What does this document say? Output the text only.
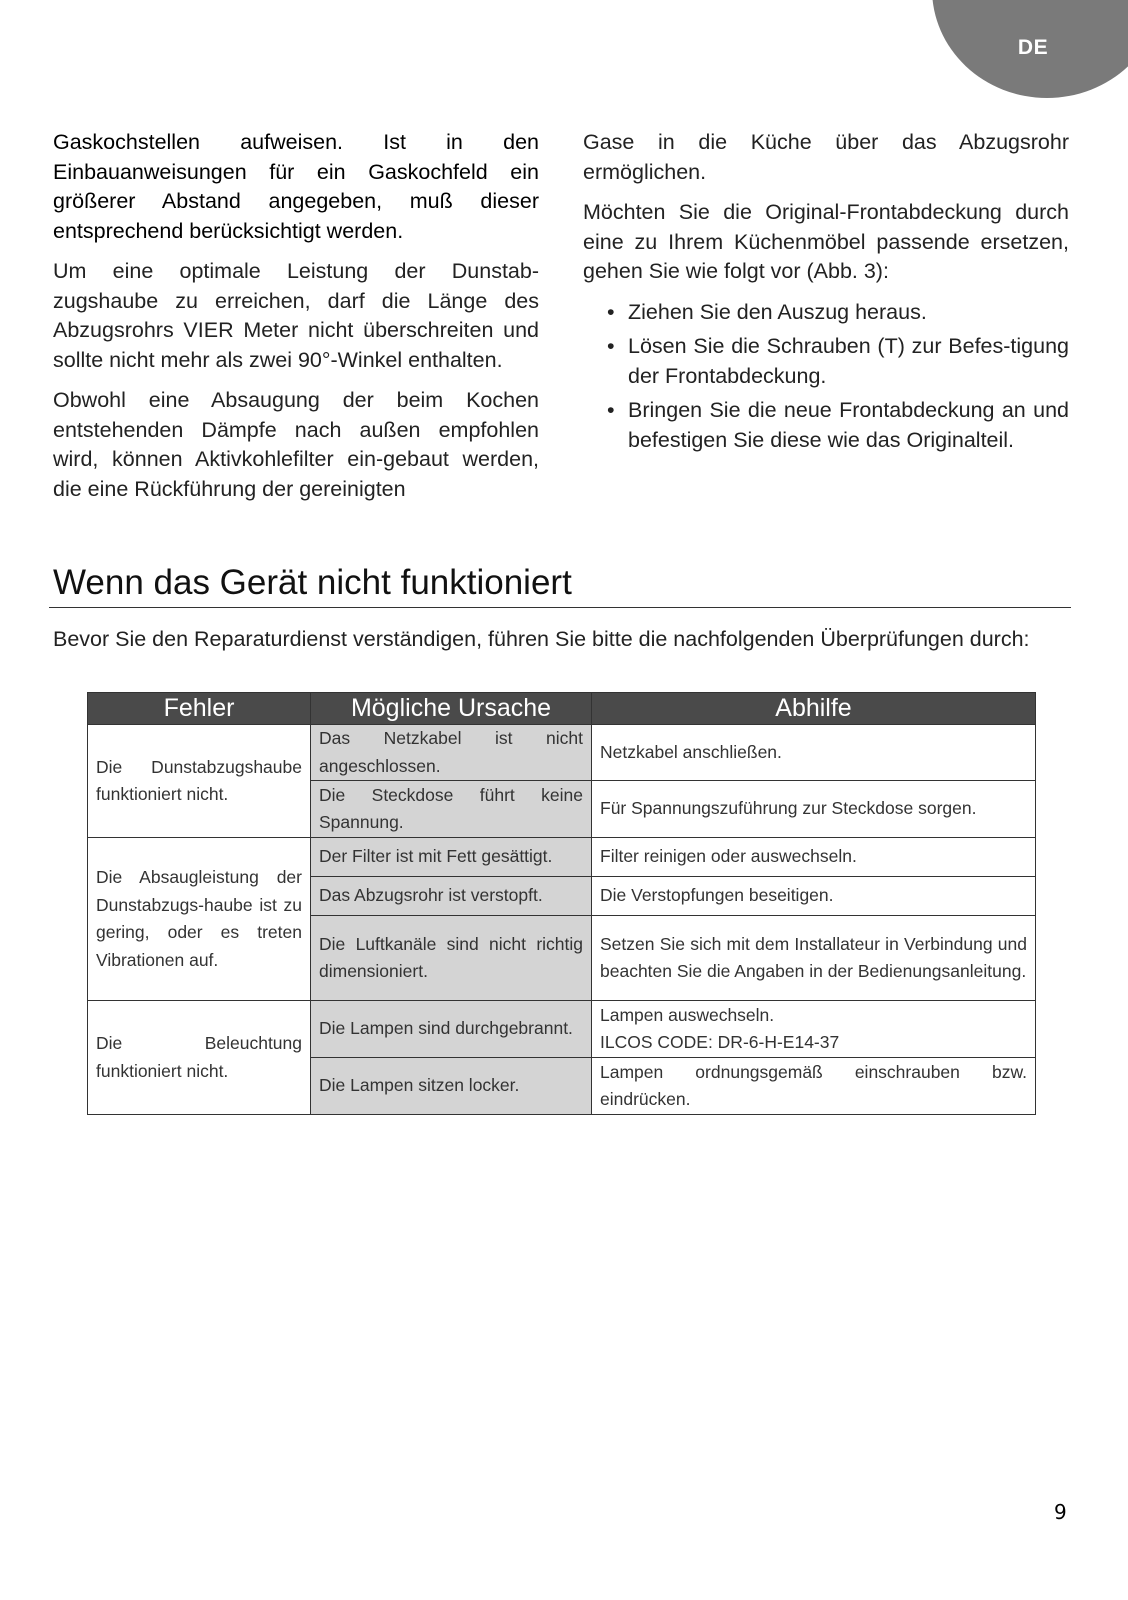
DE

Gaskochstellen aufweisen. Ist in den Einbauanweisungen für ein Gaskochfeld ein größerer Abstand angegeben, muß dieser entsprechend berücksichtigt werden.

Um eine optimale Leistung der Dunstab-zugshaube zu erreichen, darf die Länge des Abzugsrohrs VIER Meter nicht überschreiten und sollte nicht mehr als zwei 90°-Winkel enthalten.

Obwohl eine Absaugung der beim Kochen entstehenden Dämpfe nach außen empfohlen wird, können Aktivkohlefilter ein-gebaut werden, die eine Rückführung der gereinigten

Gase in die Küche über das Abzugsrohr ermöglichen.

Möchten Sie die Original-Frontabdeckung durch eine zu Ihrem Küchenmöbel passende ersetzen, gehen Sie wie folgt vor (Abb. 3):

• Ziehen Sie den Auszug heraus.
• Lösen Sie die Schrauben (T) zur Befes-tigung der Frontabdeckung.
• Bringen Sie die neue Frontabdeckung an und befestigen Sie diese wie das Originalteil.
Wenn das Gerät nicht funktioniert

Bevor Sie den Reparaturdienst verständigen, führen Sie bitte die nachfolgenden Überprüfungen durch:

Fehler	Mögliche Ursache	Abhilfe
Die Dunstabzugshaube funktioniert nicht.	Das Netzkabel ist nicht angeschlossen.	Netzkabel anschließen.
	Die Steckdose führt keine Spannung.	Für Spannungszuführung zur Steckdose sorgen.
Die Absaugleistung der Dunstabzugs-haube ist zu gering, oder es treten Vibrationen auf.	Der Filter ist mit Fett gesättigt.	Filter reinigen oder auswechseln.
	Das Abzugsrohr ist verstopft.	Die Verstopfungen beseitigen.
	Die Luftkanäle sind nicht richtig dimensioniert.	Setzen Sie sich mit dem Installateur in Verbindung und beachten Sie die Angaben in der Bedienungsanleitung.
Die Beleuchtung funktioniert nicht.	Die Lampen sind durchgebrannt.	Lampen auswechseln.
ILCOS CODE: DR-6-H-E14-37
	Die Lampen sitzen locker.	Lampen ordnungsgemäß einschrauben bzw. eindrücken.
9
